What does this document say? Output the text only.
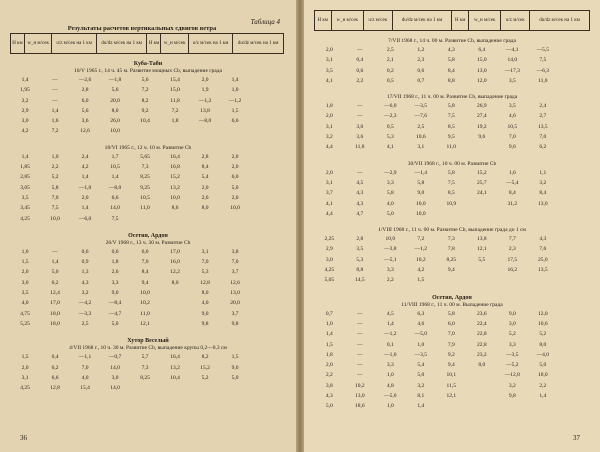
Таблица 4
Результаты расчетов вертикальных сдвигов ветра
Н км	w_н м/сек	u/z м/сек на 1 км	du/dz м/сек на 1 км	Н км	w_н м/сек	u/z м/сек на 1 км	du/dz м/сек на 1 км
Куба-Таби
10/V 1965 г., 14 ч. 45 м. Развитие мощных Cb, выпадение града
1,4	—	—2,6	—1,8	5,6	15,4	2,0	1,4
1,95	—	2,8	5,6	7,2	15,0	1,9	1,0
2,2	—	6,0	20,0	8,2	11,8	—1,2	—1,2
2,9	1,4	5,6	8,0	9,2	7,2	13,8	1,5
3,0	1,6	3,6	26,0	10,4	1,8	—8,0	6,6
4,2	7,2	12,6	10,0
18/VI 1965 г., 12 ч. 10 м. Развитие Cb
1,4	1,0	2,4	1,7	5,65	16,4	2,8	2,0
1,85	2,2	4,2	10,5	7,3	16,8	8,4	2,0
2,85	5,2	1,4	1,4	8,25	15,2	5,4	6,0
3,05	5,8	—1,0	—8,0	9,25	13,2	2,0	5,0
3,5	7,0	2,0	6,6	10,5	10,0	2,6	2,0
3,45	7,5	1,4	14,0	11,0	8,6	8,0	10,0
4,25	10,0	—6,0	7,5
Осетия, Ардон
26/V 1968 г., 13 ч. 30 м. Развитие Cb
1,0	—	0,6	0,6	6,0	17,0	3,1	3,8
1,5	1,4	0,9	1,8	7,0	16,0	7,0	7,0
2,0	5,0	1,3	2,6	8,4	12,2	5,3	3,7
3,0	6,2	4,3	3,3	9,4	8,0	12,8	12,6
3,5	12,4	3,2	9,0	10,0	8,0	13,0
4,0	17,0	—4,2	—8,4	10,2	4,0	20,0
4,75	18,0	—3,3	—4,7	11,0	9,0	3,7
5,25	18,0	2,5	5,0	12,1	9,8	9,8
Хутор Веселый
4/VII 1968 г., 10 ч. 30 м. Развитие Cb, выпадение крупы 0,2—0,3 см
1,5	0,4	—1,1	—0,7	5,7	16,4	8,2	1,5
2,0	6,2	7,0	14,0	7,3	13,2	15,2	9,0
3,1	6,6	4,0	3,0	8,25	10,4	5,2	5,0
4,25	12,8	15,4	14,0
36
Н км	w_н м/сек	u/z м/сек	du/dz м/сек на 1 км	Н км	w_н м/сек	u/z м/сек	du/dz м/сек на 1 км
7/VII 1968 г., 14 ч. 00 м. Развитие Cb, выпадение града
2,0	—	2,5	1,2	4,3	6,4	—4,1	—5,5
3,1	0,4	2,1	2,3	5,8	15,0	14,0	7,5
3,5	0,6	0,2	0,6	8,4	13,0	—17,3	—6,3
4,1	2,2	0,5	0,7	8,8	12,0	3,5	11,0
17/VII 1968 г., 11 ч. 00 м. Развитие Cb, выпадение града
1,8	—	—6,0	—3,5	5,8	26,9	3,5	2,4
2,0	—	—2,3	—7,6	7,5	27,4	4,6	2,7
3,1	3,0	0,5	2,5	8,5	19,2	10,5	13,5
3,2	3,6	5,3	10,6	9,5	9,6	7,0	7,0
4,4	11,8	4,1	3,1	11,0	9,6	6,2
30/VII 1968 г., 10 ч. 00 м. Развитие Cb
2,0	—	—2,9	—1,4	5,8	15,2	1,6	1,1
3,1	4,5	3,3	5,8	7,5	25,7	—5,4	3,2
3,7	4,3	5,8	9,0	8,5	24,1	8,4	8,4
4,1	4,3	4,0	10,0	10,9	31,2	13,0
4,4	4,7	5,0	10,0
1/VIII 1968 г., 11 ч. 00 м. Развитие Cb, выпадение града до 1 см
2,25	2,8	10,0	7,2	7,3	13,8	7,7	4,3
2,9	3,5	—3,8	—1,2	7,8	12,1	2,3	7,6
3,0	5,3	—5,1	10,2	8,25	5,5	17,5	25,0
4,25	8,8	3,3	4,2	9,4	16,2	13,5
5,05	14,5	2,2	1,5
Осетия, Ардон
11/VIII 1968 г., 11 ч. 00 м. Выпадение града
0,7	—	4,5	6,3	5,8	23,6	9,0	12,0
1,0	—	1,4	4,6	6,0	22,4	3,0	10,6
1,4	—	—1,2	—5,0	7,0	22,8	5,2	5,2
1,5	—	0,1	1,0	7,9	22,8	3,3	8,0
1,8	—	—1,0	—3,5	9,2	23,2	—3,5	—4,0
2,0	—	3,3	5,4	9,4	8,0	—5,2	5,0
2,2	—	1,0	5,0	10,1	—12,8	18,0
3,8	10,2	4,8	3,2	11,5	3,2	2,2
4,3	13,0	—5,0	8,1	12,1	9,8	1,4
5,0	18,6	1,0	1,4
37
